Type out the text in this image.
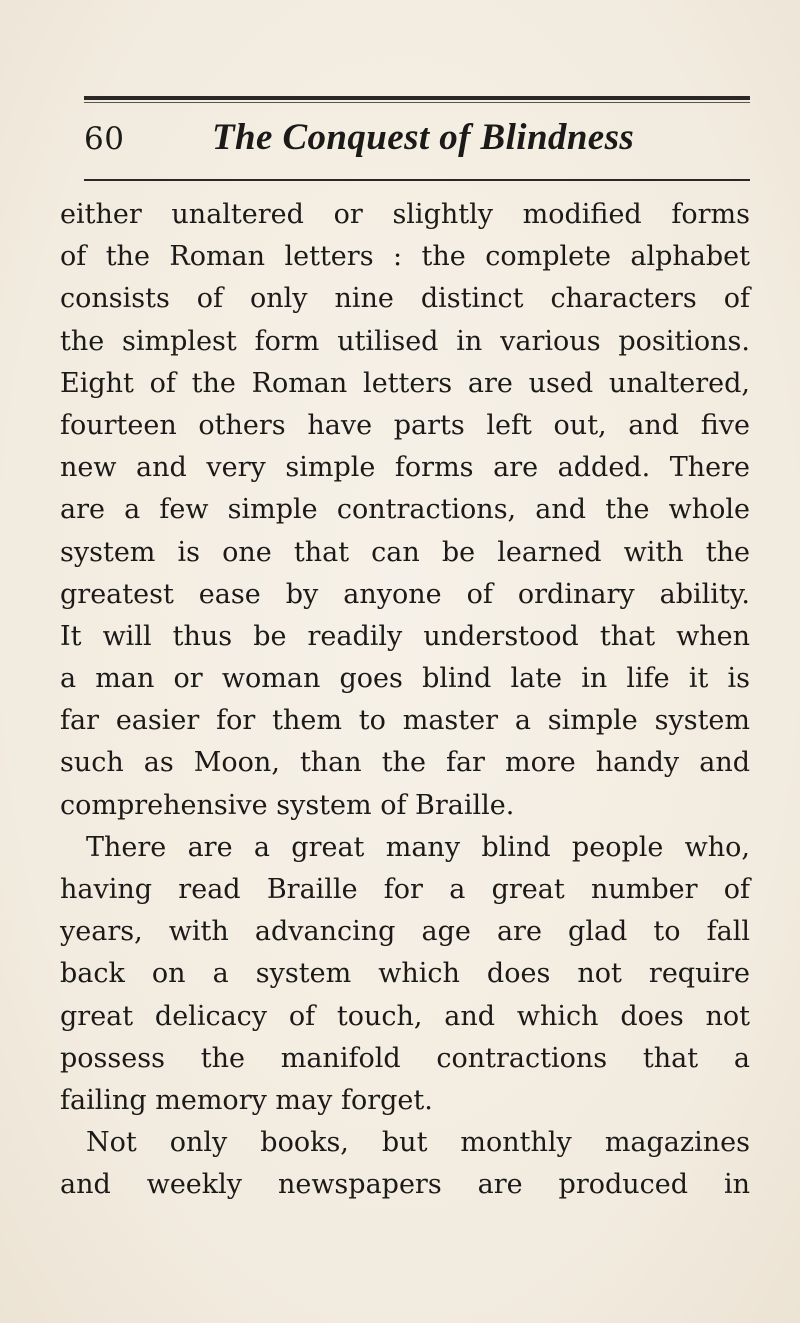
60	The Conquest of Blindness
either unaltered or slightly modified forms
of the Roman letters : the complete alphabet
consists of only nine distinct characters of
the simplest form utilised in various positions.
Eight of the Roman letters are used unaltered,
fourteen others have parts left out, and five
new and very simple forms are added. There
are a few simple contractions, and the whole
system is one that can be learned with the
greatest ease by anyone of ordinary ability.
It will thus be readily understood that when
a man or woman goes blind late in life it is
far easier for them to master a simple system
such as Moon, than the far more handy and
comprehensive system of Braille.
There are a great many blind people who,
having read Braille for a great number of
years, with advancing age are glad to fall
back on a system which does not require
great delicacy of touch, and which does not
possess the manifold contractions that a
failing memory may forget.
Not only books, but monthly magazines
and weekly newspapers are produced in
